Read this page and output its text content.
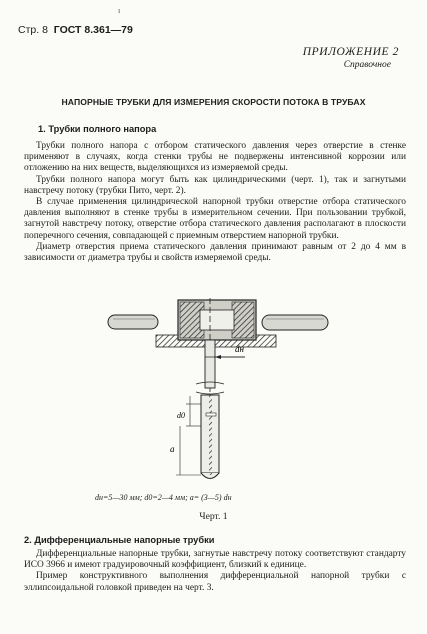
ı
Стр. 8 ГОСТ 8.361—79
ПРИЛОЖЕНИЕ 2
Справочное
НАПОРНЫЕ ТРУБКИ ДЛЯ ИЗМЕРЕНИЯ СКОРОСТИ ПОТОКА В ТРУБАХ
1. Трубки полного напора

Трубки полного напора с отбором статического давления через отверстие в стенке применяют в случаях, когда стенки трубы не подвержены интенсивной коррозии или отложению на них веществ, выделяющихся из измеряемой среды.

Трубки полного напора могут быть как цилиндрическими (черт. 1), так и загнутыми навстречу потоку (трубки Пито, черт. 2).

В случае применения цилиндрической напорной трубки отверстие отбора статического давления выполняют в стенке трубы в измерительном сечении. При пользовании трубкой, загнутой навстречу потоку, отверстие отбора статического давления располагают в плоскости поперечного сечения, совпадающей с приемным отверстием напорной трубки.

Диаметр отверстия приема статического давления принимают равным от 2 до 4 мм в зависимости от диаметра трубы и свойств измеряемой среды.

dн
d0
a
dн=5—30 мм; d0=2—4 мм; a= (3—5) dн
Черт. 1
2. Дифференциальные напорные трубки

Дифференциальные напорные трубки, загнутые навстречу потоку соответствуют стандарту ИСО 3966 и имеют градуировочный коэффициент, близкий к единице.

Пример конструктивного выполнения дифференциальной напорной трубки с эллипсоидальной головкой приведен на черт. 3.
